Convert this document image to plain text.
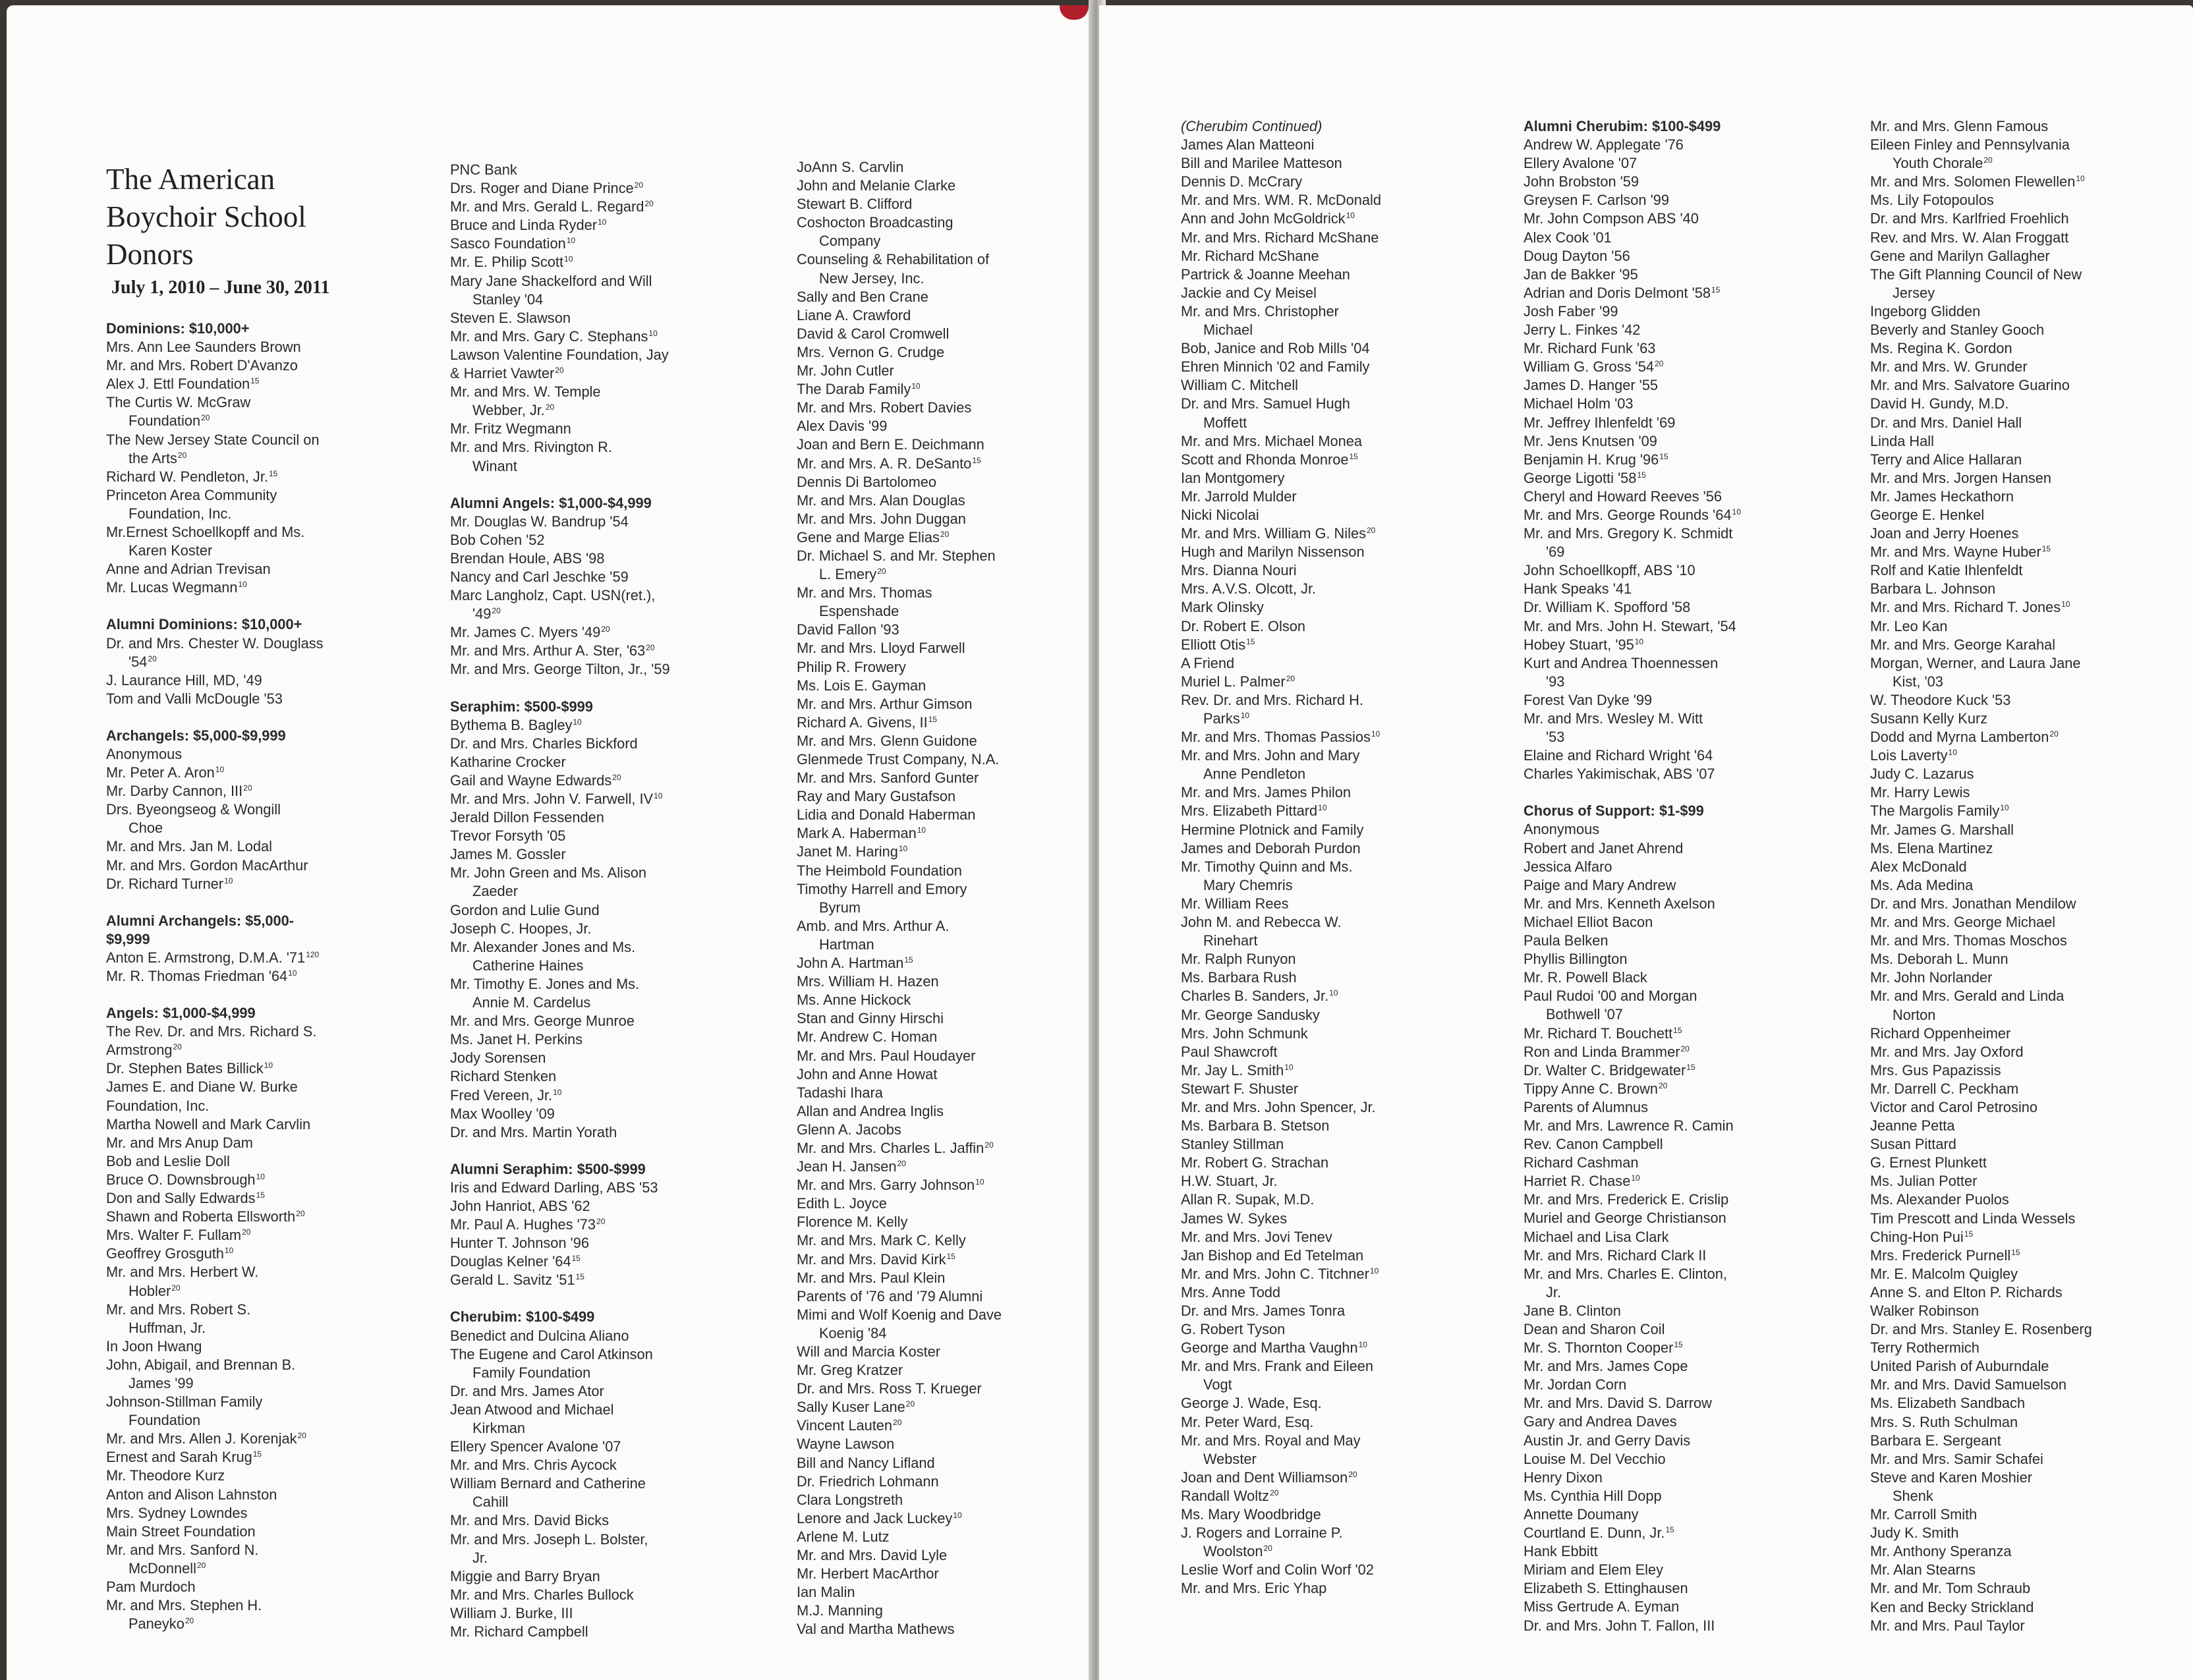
The American
Boychoir School
Donors
July 1, 2010 – June 30, 2011
Dominions: $10,000+
Mrs. Ann Lee Saunders Brown
Mr. and Mrs. Robert D'Avanzo
Alex J. Ettl Foundation$^{15}$
The Curtis W. McGraw
Foundation$^{20}$
The New Jersey State Council on
the Arts$^{20}$
Richard W. Pendleton, Jr.$^{15}$
Princeton Area Community
Foundation, Inc.
Mr.Ernest Schoellkopff and Ms.
Karen Koster
Anne and Adrian Trevisan
Mr. Lucas Wegmann$^{10}$
Alumni Dominions: $10,000+
Dr. and Mrs. Chester W. Douglass
'$54^{20}$
J. Laurance Hill, MD, '49
Tom and Valli McDougle '53
Archangels: $5,000-$9,999
Anonymous
Mr. Peter A. Aron$^{10}$
Mr. Darby Cannon, III$^{20}$
Drs. Byeongseog & Wongill
Choe
Mr. and Mrs. Jan M. Lodal
Mr. and Mrs. Gordon MacArthur
Dr. Richard Turner$^{10}$
Alumni Archangels: $5,000-
$9,999
Anton E. Armstrong, D.M.A. '$71^{120}$
Mr. R. Thomas Friedman '$64^{10}$
Angels: $1,000-$4,999
The Rev. Dr. and Mrs. Richard S.
Armstrong$^{20}$
Dr. Stephen Bates Billick$^{10}$
James E. and Diane W. Burke
Foundation, Inc.
Martha Nowell and Mark Carvlin
Mr. and Mrs Anup Dam
Bob and Leslie Doll
Bruce O. Downsbrough$^{10}$
Don and Sally Edwards$^{15}$
Shawn and Roberta Ellsworth$^{20}$
Mrs. Walter F. Fullam$^{20}$
Geoffrey Grosguth$^{10}$
Mr. and Mrs. Herbert W.
Hobler$^{20}$
Mr. and Mrs. Robert S.
Huffman, Jr.
In Joon Hwang
John, Abigail, and Brennan B.
James '99
Johnson-Stillman Family
Foundation
Mr. and Mrs. Allen J. Korenjak$^{20}$
Ernest and Sarah Krug$^{15}$
Mr. Theodore Kurz
Anton and Alison Lahnston
Mrs. Sydney Lowndes
Main Street Foundation
Mr. and Mrs. Sanford N.
McDonnell$^{20}$
Pam Murdoch
Mr. and Mrs. Stephen H.
Paneyko$^{20}$
PNC Bank
Drs. Roger and Diane Prince$^{20}$
Mr. and Mrs. Gerald L. Regard$^{20}$
Bruce and Linda Ryder$^{10}$
Sasco Foundation$^{10}$
Mr. E. Philip Scott$^{10}$
Mary Jane Shackelford and Will
Stanley '04
Steven E. Slawson
Mr. and Mrs. Gary C. Stephans$^{10}$
Lawson Valentine Foundation, Jay
& Harriet Vawter$^{20}$
Mr. and Mrs. W. Temple
Webber, Jr.$^{20}$
Mr. Fritz Wegmann
Mr. and Mrs. Rivington R.
Winant
Alumni Angels: $1,000-$4,999
Mr. Douglas W. Bandrup '54
Bob Cohen '52
Brendan Houle, ABS '98
Nancy and Carl Jeschke '59
Marc Langholz, Capt. USN(ret.),
'$49^{20}$
Mr. James C. Myers '$49^{20}$
Mr. and Mrs. Arthur A. Ster, '$63^{20}$
Mr. and Mrs. George Tilton, Jr., '59
Seraphim: $500-$999
Bythema B. Bagley$^{10}$
Dr. and Mrs. Charles Bickford
Katharine Crocker
Gail and Wayne Edwards$^{20}$
Mr. and Mrs. John V. Farwell, IV$^{10}$
Jerald Dillon Fessenden
Trevor Forsyth '05
James M. Gossler
Mr. John Green and Ms. Alison
Zaeder
Gordon and Lulie Gund
Joseph C. Hoopes, Jr.
Mr. Alexander Jones and Ms.
Catherine Haines
Mr. Timothy E. Jones and Ms.
Annie M. Cardelus
Mr. and Mrs. George Munroe
Ms. Janet H. Perkins
Jody Sorensen
Richard Stenken
Fred Vereen, Jr.$^{10}$
Max Woolley '09
Dr. and Mrs. Martin Yorath
Alumni Seraphim: $500-$999
Iris and Edward Darling, ABS '53
John Hanriot, ABS '62
Mr. Paul A. Hughes '$73^{20}$
Hunter T. Johnson '96
Douglas Kelner '$64^{15}$
Gerald L. Savitz '$51^{15}$
Cherubim: $100-$499
Benedict and Dulcina Aliano
The Eugene and Carol Atkinson
Family Foundation
Dr. and Mrs. James Ator
Jean Atwood and Michael
Kirkman
Ellery Spencer Avalone '07
Mr. and Mrs. Chris Aycock
William Bernard and Catherine
Cahill
Mr. and Mrs. David Bicks
Mr. and Mrs. Joseph L. Bolster,
Jr.
Miggie and Barry Bryan
Mr. and Mrs. Charles Bullock
William J. Burke, III
Mr. Richard Campbell
JoAnn S. Carvlin
John and Melanie Clarke
Stewart B. Clifford
Coshocton Broadcasting
Company
Counseling & Rehabilitation of
New Jersey, Inc.
Sally and Ben Crane
Liane A. Crawford
David & Carol Cromwell
Mrs. Vernon G. Crudge
Mr. John Cutler
The Darab Family$^{10}$
Mr. and Mrs. Robert Davies
Alex Davis '99
Joan and Bern E. Deichmann
Mr. and Mrs. A. R. DeSanto$^{15}$
Dennis Di Bartolomeo
Mr. and Mrs. Alan Douglas
Mr. and Mrs. John Duggan
Gene and Marge Elias$^{20}$
Dr. Michael S. and Mr. Stephen
L. Emery$^{20}$
Mr. and Mrs. Thomas
Espenshade
David Fallon '93
Mr. and Mrs. Lloyd Farwell
Philip R. Frowery
Ms. Lois E. Gayman
Mr. and Mrs. Arthur Gimson
Richard A. Givens, II$^{15}$
Mr. and Mrs. Glenn Guidone
Glenmede Trust Company, N.A.
Mr. and Mrs. Sanford Gunter
Ray and Mary Gustafson
Lidia and Donald Haberman
Mark A. Haberman$^{10}$
Janet M. Haring$^{10}$
The Heimbold Foundation
Timothy Harrell and Emory
Byrum
Amb. and Mrs. Arthur A.
Hartman
John A. Hartman$^{15}$
Mrs. William H. Hazen
Ms. Anne Hickock
Stan and Ginny Hirschi
Mr. Andrew C. Homan
Mr. and Mrs. Paul Houdayer
John and Anne Howat
Tadashi Ihara
Allan and Andrea Inglis
Glenn A. Jacobs
Mr. and Mrs. Charles L. Jaffin$^{20}$
Jean H. Jansen$^{20}$
Mr. and Mrs. Garry Johnson$^{10}$
Edith L. Joyce
Florence M. Kelly
Mr. and Mrs. Mark C. Kelly
Mr. and Mrs. David Kirk$^{15}$
Mr. and Mrs. Paul Klein
Parents of '76 and '79 Alumni
Mimi and Wolf Koenig and Dave
Koenig '84
Will and Marcia Koster
Mr. Greg Kratzer
Dr. and Mrs. Ross T. Krueger
Sally Kuser Lane$^{20}$
Vincent Lauten$^{20}$
Wayne Lawson
Bill and Nancy Lifland
Dr. Friedrich Lohmann
Clara Longstreth
Lenore and Jack Luckey$^{10}$
Arlene M. Lutz
Mr. and Mrs. David Lyle
Mr. Herbert MacArthor
Ian Malin
M.J. Manning
Val and Martha Mathews
(Cherubim Continued)
James Alan Matteoni
Bill and Marilee Matteson
Dennis D. McCrary
Mr. and Mrs. WM. R. McDonald
Ann and John McGoldrick$^{10}$
Mr. and Mrs. Richard McShane
Mr. Richard McShane
Partrick & Joanne Meehan
Jackie and Cy Meisel
Mr. and Mrs. Christopher
Michael
Bob, Janice and Rob Mills '04
Ehren Minnich '02 and Family
William C. Mitchell
Dr. and Mrs. Samuel Hugh
Moffett
Mr. and Mrs. Michael Monea
Scott and Rhonda Monroe$^{15}$
Ian Montgomery
Mr. Jarrold Mulder
Nicki Nicolai
Mr. and Mrs. William G. Niles$^{20}$
Hugh and Marilyn Nissenson
Mrs. Dianna Nouri
Mrs. A.V.S. Olcott, Jr.
Mark Olinsky
Dr. Robert E. Olson
Elliott Otis$^{15}$
A Friend
Muriel L. Palmer$^{20}$
Rev. Dr. and Mrs. Richard H.
Parks$^{10}$
Mr. and Mrs. Thomas Passios$^{10}$
Mr. and Mrs. John and Mary
Anne Pendleton
Mr. and Mrs. James Philon
Mrs. Elizabeth Pittard$^{10}$
Hermine Plotnick and Family
James and Deborah Purdon
Mr. Timothy Quinn and Ms.
Mary Chemris
Mr. William Rees
John M. and Rebecca W.
Rinehart
Mr. Ralph Runyon
Ms. Barbara Rush
Charles B. Sanders, Jr.$^{10}$
Mr. George Sandusky
Mrs. John Schmunk
Paul Shawcroft
Mr. Jay L. Smith$^{10}$
Stewart F. Shuster
Mr. and Mrs. John Spencer, Jr.
Ms. Barbara B. Stetson
Stanley Stillman
Mr. Robert G. Strachan
H.W. Stuart, Jr.
Allan R. Supak, M.D.
James W. Sykes
Mr. and Mrs. Jovi Tenev
Jan Bishop and Ed Tetelman
Mr. and Mrs. John C. Titchner$^{10}$
Mrs. Anne Todd
Dr. and Mrs. James Tonra
G. Robert Tyson
George and Martha Vaughn$^{10}$
Mr. and Mrs. Frank and Eileen
Vogt
George J. Wade, Esq.
Mr. Peter Ward, Esq.
Mr. and Mrs. Royal and May
Webster
Joan and Dent Williamson$^{20}$
Randall Woltz$^{20}$
Ms. Mary Woodbridge
J. Rogers and Lorraine P.
Woolston$^{20}$
Leslie Worf and Colin Worf '02
Mr. and Mrs. Eric Yhap
Alumni Cherubim: $100-$499
Andrew W. Applegate '76
Ellery Avalone '07
John Brobston '59
Greysen F. Carlson '99
Mr. John Compson ABS '40
Alex Cook '01
Doug Dayton '56
Jan de Bakker '95
Adrian and Doris Delmont '$58^{15}$
Josh Faber '99
Jerry L. Finkes '42
Mr. Richard Funk '63
William G. Gross '$54^{20}$
James D. Hanger '55
Michael Holm '03
Mr. Jeffrey Ihlenfeldt '69
Mr. Jens Knutsen '09
Benjamin H. Krug '$96^{15}$
George Ligotti '$58^{15}$
Cheryl and Howard Reeves '56
Mr. and Mrs. George Rounds '$64^{10}$
Mr. and Mrs. Gregory K. Schmidt
'69
John Schoellkopff, ABS '10
Hank Speaks '41
Dr. William K. Spofford '58
Mr. and Mrs. John H. Stewart, '54
Hobey Stuart, '$95^{10}$
Kurt and Andrea Thoennessen
'93
Forest Van Dyke '99
Mr. and Mrs. Wesley M. Witt
'53
Elaine and Richard Wright '64
Charles Yakimischak, ABS '07
Chorus of Support: $1-$99
Anonymous
Robert and Janet Ahrend
Jessica Alfaro
Paige and Mary Andrew
Mr. and Mrs. Kenneth Axelson
Michael Elliot Bacon
Paula Belken
Phyllis Billington
Mr. R. Powell Black
Paul Rudoi '00 and Morgan
Bothwell '07
Mr. Richard T. Bouchett$^{15}$
Ron and Linda Brammer$^{20}$
Dr. Walter C. Bridgewater$^{15}$
Tippy Anne C. Brown$^{20}$
Parents of Alumnus
Mr. and Mrs. Lawrence R. Camin
Rev. Canon Campbell
Richard Cashman
Harriet R. Chase$^{10}$
Mr. and Mrs. Frederick E. Crislip
Muriel and George Christianson
Michael and Lisa Clark
Mr. and Mrs. Richard Clark II
Mr. and Mrs. Charles E. Clinton,
Jr.
Jane B. Clinton
Dean and Sharon Coil
Mr. S. Thornton Cooper$^{15}$
Mr. and Mrs. James Cope
Mr. Jordan Corn
Mr. and Mrs. David S. Darrow
Gary and Andrea Daves
Austin Jr. and Gerry Davis
Louise M. Del Vecchio
Henry Dixon
Ms. Cynthia Hill Dopp
Annette Doumany
Courtland E. Dunn, Jr.$^{15}$
Hank Ebbitt
Miriam and Elem Eley
Elizabeth S. Ettinghausen
Miss Gertrude A. Eyman
Dr. and Mrs. John T. Fallon, III
Mr. and Mrs. Glenn Famous
Eileen Finley and Pennsylvania
Youth Chorale$^{20}$
Mr. and Mrs. Solomen Flewellen$^{10}$
Ms. Lily Fotopoulos
Dr. and Mrs. Karlfried Froehlich
Rev. and Mrs. W. Alan Froggatt
Gene and Marilyn Gallagher
The Gift Planning Council of New
Jersey
Ingeborg Glidden
Beverly and Stanley Gooch
Ms. Regina K. Gordon
Mr. and Mrs. W. Grunder
Mr. and Mrs. Salvatore Guarino
David H. Gundy, M.D.
Dr. and Mrs. Daniel Hall
Linda Hall
Terry and Alice Hallaran
Mr. and Mrs. Jorgen Hansen
Mr. James Heckathorn
George E. Henkel
Joan and Jerry Hoenes
Mr. and Mrs. Wayne Huber$^{15}$
Rolf and Katie Ihlenfeldt
Barbara L. Johnson
Mr. and Mrs. Richard T. Jones$^{10}$
Mr. Leo Kan
Mr. and Mrs. George Karahal
Morgan, Werner, and Laura Jane
Kist, '03
W. Theodore Kuck '53
Susann Kelly Kurz
Dodd and Myrna Lamberton$^{20}$
Lois Laverty$^{10}$
Judy C. Lazarus
Mr. Harry Lewis
The Margolis Family$^{10}$
Mr. James G. Marshall
Ms. Elena Martinez
Alex McDonald
Ms. Ada Medina
Dr. and Mrs. Jonathan Mendilow
Mr. and Mrs. George Michael
Mr. and Mrs. Thomas Moschos
Ms. Deborah L. Munn
Mr. John Norlander
Mr. and Mrs. Gerald and Linda
Norton
Richard Oppenheimer
Mr. and Mrs. Jay Oxford
Mrs. Gus Papazissis
Mr. Darrell C. Peckham
Victor and Carol Petrosino
Jeanne Petta
Susan Pittard
G. Ernest Plunkett
Ms. Julian Potter
Ms. Alexander Puolos
Tim Prescott and Linda Wessels
Ching-Hon Pui$^{15}$
Mrs. Frederick Purnell$^{15}$
Mr. E. Malcolm Quigley
Anne S. and Elton P. Richards
Walker Robinson
Dr. and Mrs. Stanley E. Rosenberg
Terry Rothermich
United Parish of Auburndale
Mr. and Mrs. David Samuelson
Ms. Elizabeth Sandbach
Mrs. S. Ruth Schulman
Barbara E. Sergeant
Mr. and Mrs. Samir Schafei
Steve and Karen Moshier
Shenk
Mr. Carroll Smith
Judy K. Smith
Mr. Anthony Speranza
Mr. Alan Stearns
Mr. and Mr. Tom Schraub
Ken and Becky Strickland
Mr. and Mrs. Paul Taylor
